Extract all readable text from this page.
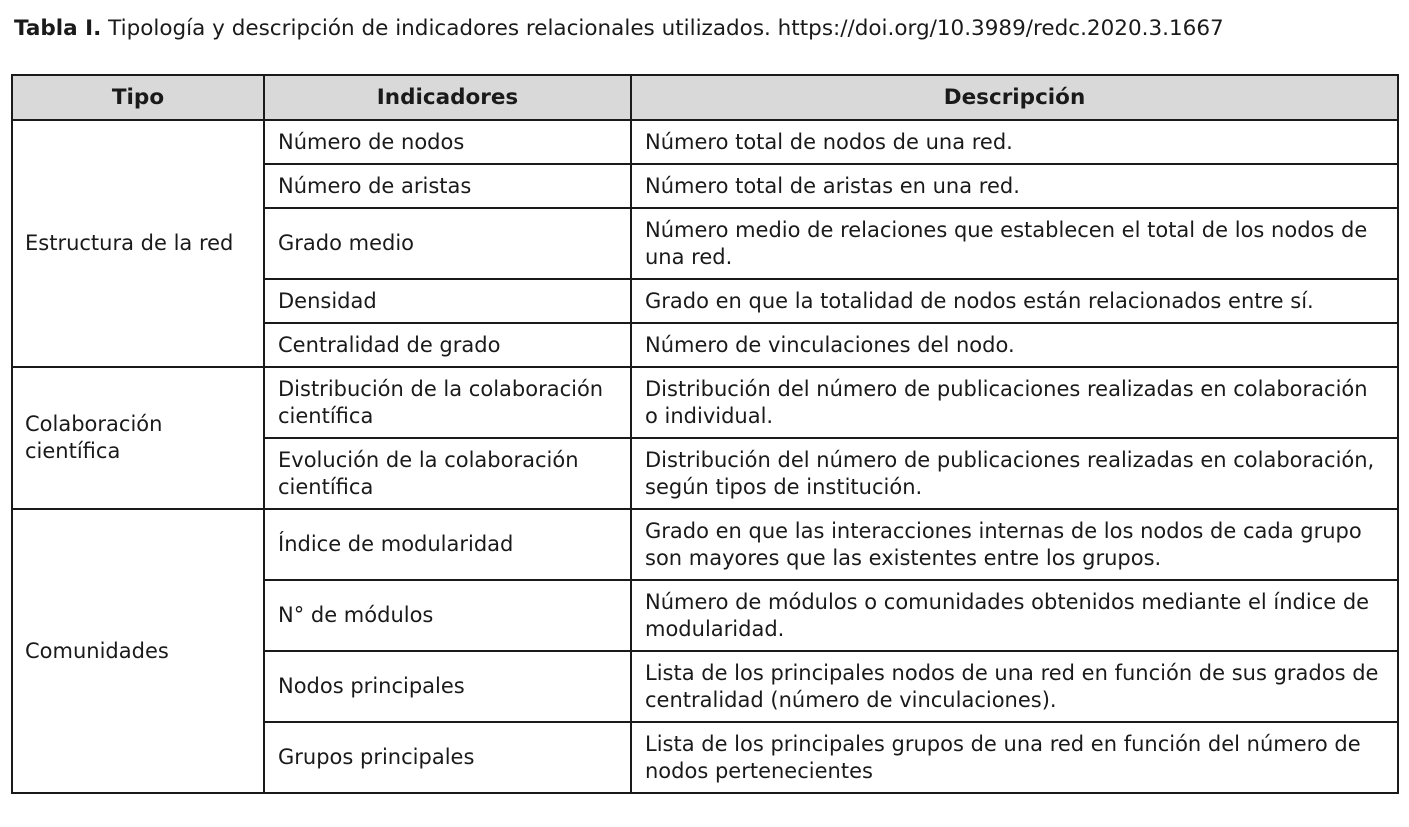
Tabla I. Tipología y descripción de indicadores relacionales utilizados. https://doi.org/10.3989/redc.2020.3.1667
Tipo	Indicadores	Descripción
Estructura de la red	Número de nodos	Número total de nodos de una red.
	Número de aristas	Número total de aristas en una red.
	Grado medio	Número medio de relaciones que establecen el total de los nodos de una red.
	Densidad	Grado en que la totalidad de nodos están relacionados entre sí.
	Centralidad de grado	Número de vinculaciones del nodo.
Colaboración científica	Distribución de la colaboración científica	Distribución del número de publicaciones realizadas en colaboración o individual.
	Evolución de la colaboración científica	Distribución del número de publicaciones realizadas en colaboración, según tipos de institución.
Comunidades	Índice de modularidad	Grado en que las interacciones internas de los nodos de cada grupo son mayores que las existentes entre los grupos.
	N° de módulos	Número de módulos o comunidades obtenidos mediante el índice de modularidad.
	Nodos principales	Lista de los principales nodos de una red en función de sus grados de centralidad (número de vinculaciones).
	Grupos principales	Lista de los principales grupos de una red en función del número de nodos pertenecientes
